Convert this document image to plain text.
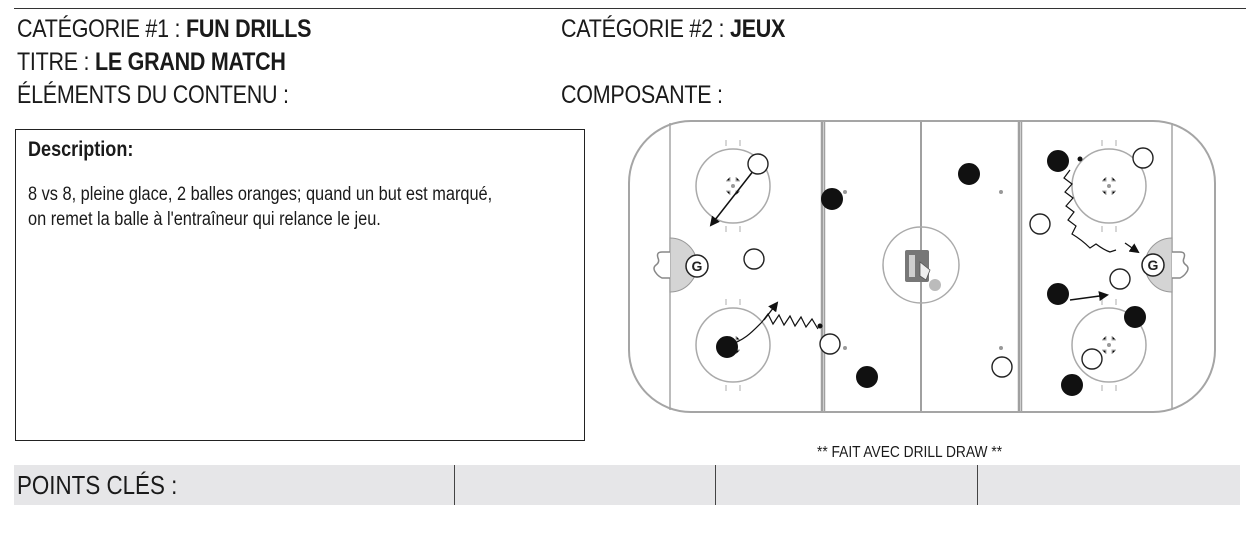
CATÉGORIE #1 : FUN DRILLS	CATÉGORIE #2 : JEUX
TITRE : LE GRAND MATCH
ÉLÉMENTS DU CONTENU :	COMPOSANTE :
Description:
8 vs 8, pleine glace, 2 balles oranges; quand un but est marqué,
on remet la balle à l'entraîneur qui relance le jeu.
G	G
** FAIT AVEC DRILL DRAW **
POINTS CLÉS :
